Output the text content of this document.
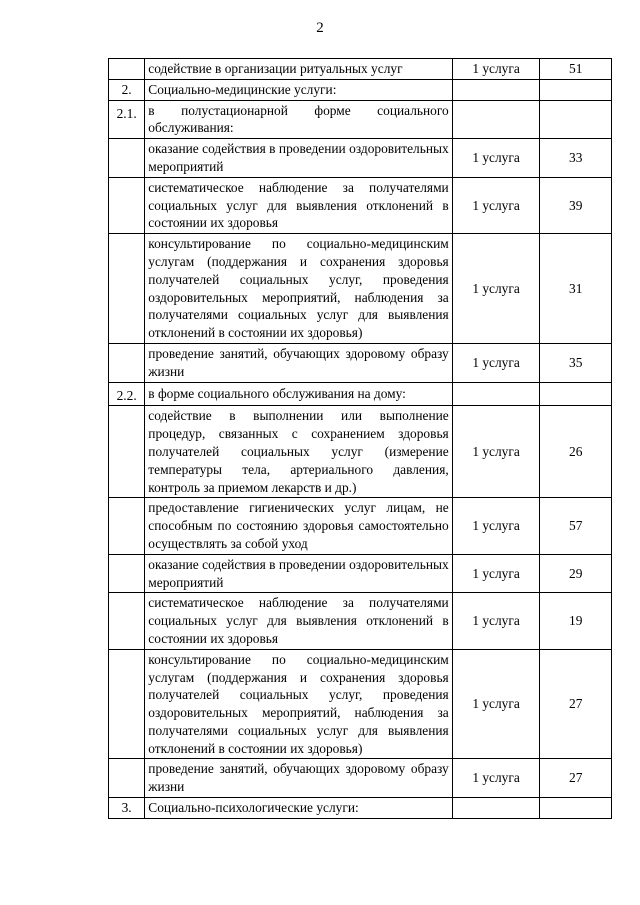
2
	содействие в организации ритуальных услуг	1 услуга	51
2.	Социально-медицинские услуги:		
2.1.	в полустационарной форме социального обслуживания:		
	оказание содействия в проведении оздоровительных мероприятий	1 услуга	33
	систематическое наблюдение за получателями социальных услуг для выявления отклонений в состоянии их здоровья	1 услуга	39
	консультирование по социально-медицинским услугам (поддержания и сохранения здоровья получателей социальных услуг, проведения оздоровительных мероприятий, наблюдения за получателями социальных услуг для выявления отклонений в состоянии их здоровья)	1 услуга	31
	проведение занятий, обучающих здоровому образу жизни	1 услуга	35
2.2.	в форме социального обслуживания на дому:		
	содействие в выполнении или выполнение процедур, связанных с сохранением здоровья получателей социальных услуг (измерение температуры тела, артериального давления, контроль за приемом лекарств и др.)	1 услуга	26
	предоставление гигиенических услуг лицам, не способным по состоянию здоровья самостоятельно осуществлять за собой уход	1 услуга	57
	оказание содействия в проведении оздоровительных мероприятий	1 услуга	29
	систематическое наблюдение за получателями социальных услуг для выявления отклонений в состоянии их здоровья	1 услуга	19
	консультирование по социально-медицинским услугам (поддержания и сохранения здоровья получателей социальных услуг, проведения оздоровительных мероприятий, наблюдения за получателями социальных услуг для выявления отклонений в состоянии их здоровья)	1 услуга	27
	проведение занятий, обучающих здоровому образу жизни	1 услуга	27
3.	Социально-психологические услуги:		
